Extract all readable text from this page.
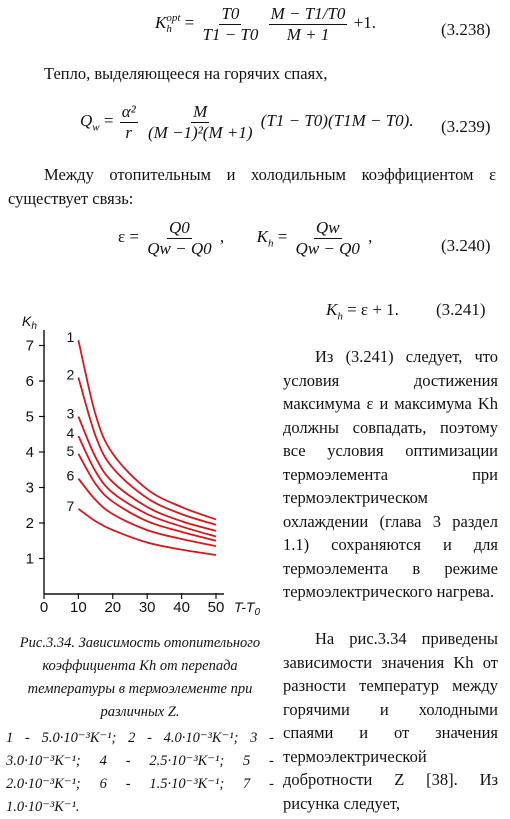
K opt
$h = \frac{T0}{T1 - T0}$
$\frac{M - T1/T0}{M + 1} +1$.	(3.238)
Тепло, выделяющееся на горячих спаях,
$Q_w = \frac{\text{α²}}{r}$
$\frac{M}{\text{(M −1)²(M +1)}} (T1 - T0)(T1M - T0)$. (3.239)
Между отопительным и холодильным коэффициентом ε существует связь:
$\varepsilon = \frac{Q0}{Qw - Q0}$ , $K_h = \frac{Qw}{Qw - Q0}$ ,	(3.240)
1
2
3
4
5
6
7
0 10 20 30 40 50
$K_h$
$T-T_0$
1
2
3
4
5
6
7
$K_h = \varepsilon + 1$. (3.241)
Из (3.241) следует, что условия достижения максимума ε и максимума Kh должны совпадать, поэтому все условия оптимизации термоэлемента при термоэлектрическом охлаждении (глава 3 раздел 1.1) сохраняются и для термоэлемента в режиме термоэлектрического нагрева.
На рис.3.34 приведены зависимости значения Kh от разности температур между горячими и холодными спаями и от значения термоэлектрической добротности Z [38]. Из рисунка следует,
Рис.3.34. Зависимость отопительного коэффициента Kh от перепада температуры в термоэлементе при различных Z.
1 - 5.0·10⁻³K⁻¹; 2 - 4.0·10⁻³K⁻¹; 3 - 3.0·10⁻³K⁻¹; 4 - 2.5·10⁻³K⁻¹; 5 - 2.0·10⁻³K⁻¹; 6 - 1.5·10⁻³K⁻¹; 7 - 1.0·10⁻³K⁻¹.
